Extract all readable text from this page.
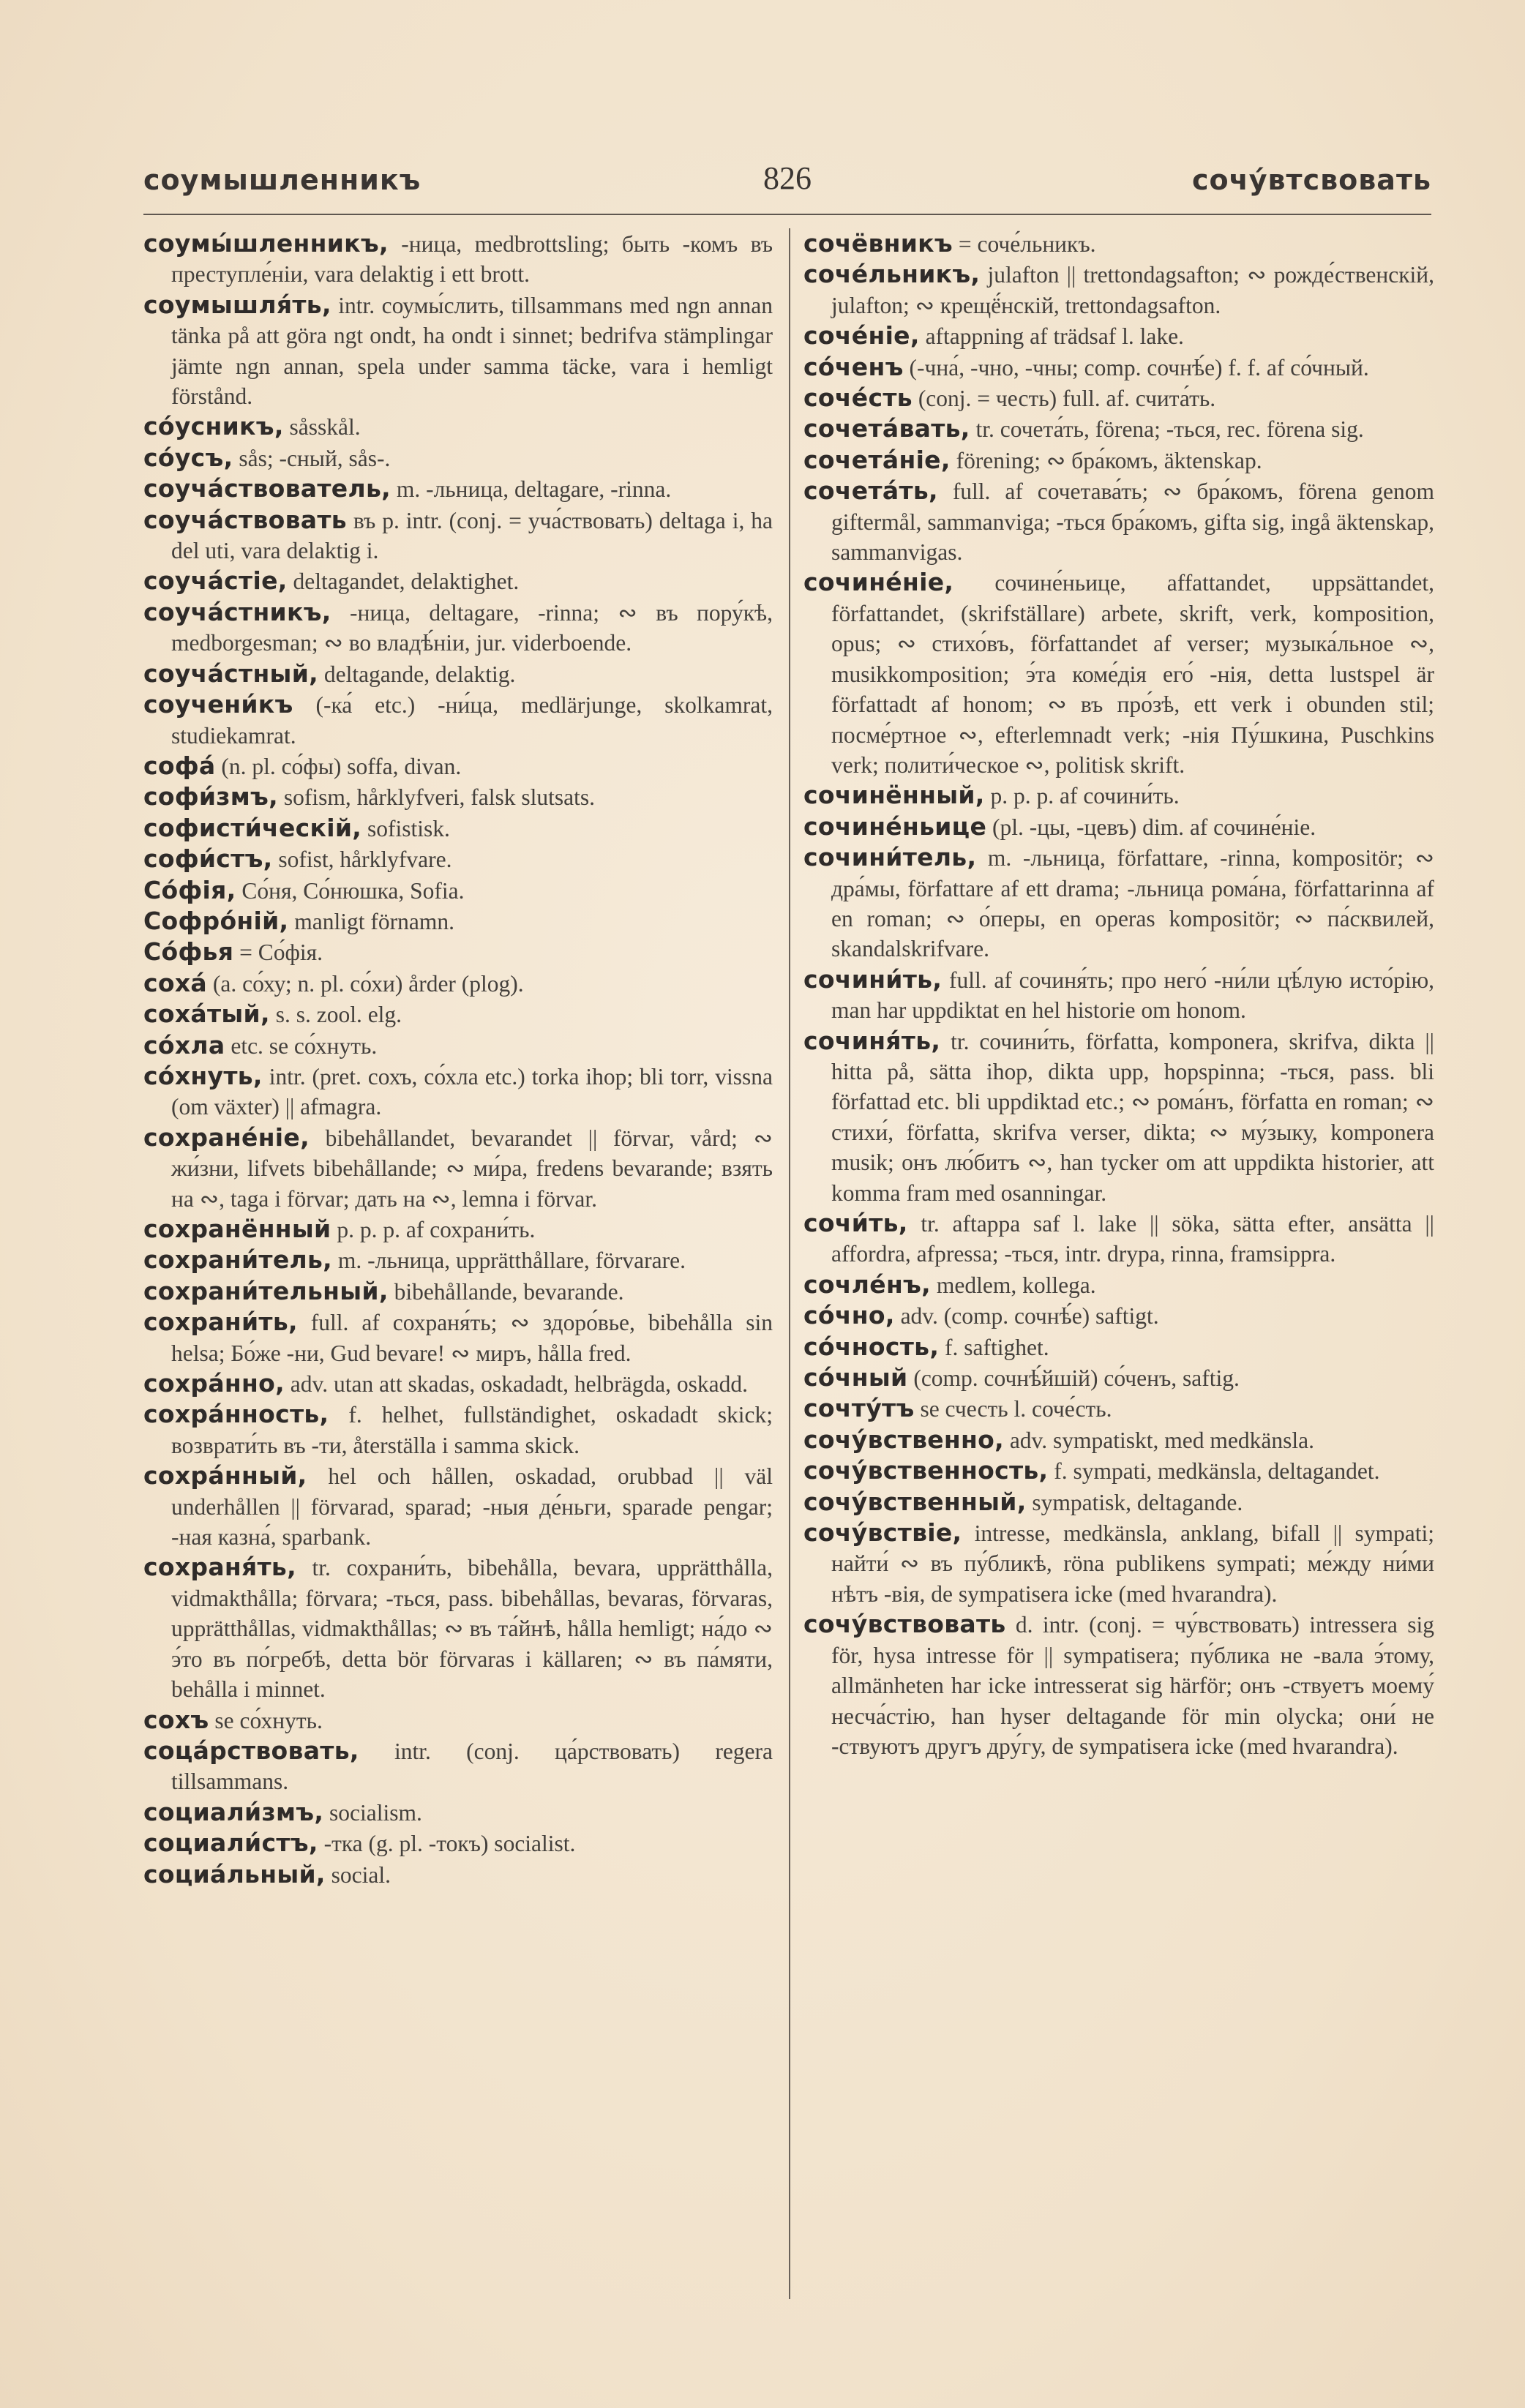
соумышленникъ	826	сочу́втсвовать

соумы́шленникъ, -ница, medbrottsling; быть -комъ въ преступле́нiи, vara delaktig i ett brott.

соумышля́ть, intr. соумы́слить, tillsammans med ngn annan tänka på att göra ngt ondt, ha ondt i sinnet; bedrifva stämplingar jämte ngn annan, spela under samma täcke, vara i hemligt förstånd.

со́усникъ, såsskål.

со́усъ, sås; -сный, sås-.

соуча́ствователь, m. -льница, deltagare, -rinna.

соуча́ствовать въ p. intr. (conj. = уча́ствовать) deltaga i, ha del uti, vara delaktig i.

соуча́стiе, deltagandet, delaktighet.

соуча́стникъ, -ница, deltagare, -rinna; ∾ въ пору́кѣ, medborgesman; ∾ во владѣ́нiи, jur. viderboende.

соуча́стный, deltagande, delaktig.

соучени́къ (-ка́ etc.) -ни́ца, medlärjunge, skolkamrat, studiekamrat.

софа́ (n. pl. со́фы) soffa, divan.

софи́змъ, sofism, hårklyfveri, falsk slutsats.

софисти́ческiй, sofistisk.

софи́стъ, sofist, hårklyfvare.

Со́фiя, Со́ня, Со́нюшка, Sofia.

Софро́нiй, manligt förnamn.

Со́фья = Со́фiя.

соха́ (a. со́ху; n. pl. со́хи) årder (plog).

соха́тый, s. s. zool. elg.

со́хла etc. se со́хнуть.

со́хнуть, intr. (pret. сохъ, со́хла etc.) torka ihop; bli torr, vissna (om växter) || afmagra.

сохране́нiе, bibehållandet, bevarandet || förvar, vård; ∾ жи́зни, lifvets bibehållande; ∾ ми́ра, fredens bevarande; взять на ∾, taga i förvar; дать на ∾, lemna i förvar.

сохранённый p. p. p. af сохрани́ть.

сохрани́тель, m. -льница, upprätthållare, förvarare.

сохрани́тельный, bibehållande, bevarande.

сохрани́ть, full. af сохраня́ть; ∾ здоро́вье, bibehålla sin helsa; Бо́же -ни, Gud bevare! ∾ миръ, hålla fred.

сохра́нно, adv. utan att skadas, oskadadt, helbrägda, oskadd.

сохра́нность, f. helhet, fullständighet, oskadadt skick; возврати́ть въ -ти, återställa i samma skick.

сохра́нный, hel och hållen, oskadad, orubbad || väl underhållen || förvarad, sparad; -ныя де́ньги, sparade pengar; -ная казна́, sparbank.

сохраня́ть, tr. сохрани́ть, bibehålla, bevara, upprätthålla, vidmakthålla; förvara; -ться, pass. bibehållas, bevaras, förvaras, upprätthållas, vidmakthållas; ∾ въ та́йнѣ, hålla hemligt; на́до ∾ э́то въ по́гребѣ, detta bör förvaras i källaren; ∾ въ па́мяти, behålla i minnet.

сохъ se со́хнуть.

соца́рствовать, intr. (conj. ца́рствовать) regera tillsammans.

социали́змъ, socialism.

социали́стъ, -тка (g. pl. -токъ) socialist.

социа́льный, social.

сочёвникъ = соче́льникъ.

соче́льникъ, julafton || trettondagsafton; ∾ рожде́ственскiй, julafton; ∾ крещё́нскiй, trettondagsafton.

соче́нiе, aftappning af trädsaf l. lake.

со́ченъ (-чна́, -чно, -чны; comp. сочнѣ́е) f. f. af со́чный.

соче́сть (conj. = честь) full. af. счита́ть.

сочета́вать, tr. сочета́ть, förena; -ться, rec. förena sig.

сочета́нiе, förening; ∾ бра́комъ, äktenskap.

сочета́ть, full. af сочетава́ть; ∾ бра́комъ, förena genom giftermål, sammanviga; -ться бра́комъ, gifta sig, ingå äktenskap, sammanvigas.

сочине́нiе, сочине́ньице, affattandet, uppsättandet, författandet, (skrifställare) arbete, skrift, verk, komposition, opus; ∾ стихо́въ, författandet af verser; музыка́льное ∾, musikkomposition; э́та коме́дiя его́ -нiя, detta lustspel är författadt af honom; ∾ въ про́зѣ, ett verk i obunden stil; посме́ртное ∾, efterlemnadt verk; -нiя Пу́шкина, Puschkins verk; полити́ческое ∾, politisk skrift.

сочинённый, p. p. p. af сочини́ть.

сочине́ньице (pl. -цы, -цевъ) dim. af сочине́нiе.

сочини́тель, m. -льница, författare, -rinna, kompositör; ∾ дра́мы, författare af ett drama; -льница рома́на, författarinna af en roman; ∾ о́перы, en operas kompositör; ∾ па́сквилей, skandalskrifvare.

сочини́ть, full. af сочиня́ть; про него́ -ни́ли цѣ́лую исто́рiю, man har uppdiktat en hel historie om honom.

сочиня́ть, tr. сочини́ть, författa, komponera, skrifva, dikta || hitta på, sätta ihop, dikta upp, hopspinna; -ться, pass. bli författad etc. bli uppdiktad etc.; ∾ рома́нъ, författa en roman; ∾ стихи́, författa, skrifva verser, dikta; ∾ му́зыку, komponera musik; онъ лю́битъ ∾, han tycker om att uppdikta historier, att komma fram med osanningar.

сочи́ть, tr. aftappa saf l. lake || söka, sätta efter, ansätta || affordra, afpressa; -ться, intr. drypa, rinna, framsippra.

сочле́нъ, medlem, kollega.

со́чно, adv. (comp. сочнѣ́е) saftigt.

со́чность, f. saftighet.

со́чный (comp. сочнѣ́йшiй) со́ченъ, saftig.

сочту́тъ se счесть l. соче́сть.

сочу́вственно, adv. sympatiskt, med medkänsla.

сочу́вственность, f. sympati, medkänsla, deltagandet.

сочу́вственный, sympatisk, deltagande.

сочу́вствiе, intresse, medkänsla, anklang, bifall || sympati; найти́ ∾ въ пу́бликѣ, röna publikens sympati; ме́жду ни́ми нѣтъ -вiя, de sympatisera icke (med hvarandra).

сочу́вствовать d. intr. (conj. = чу́вствовать) intressera sig för, hysa intresse för || sympatisera; пу́блика не -вала э́тому, allmänheten har icke intresserat sig härför; онъ -ствуетъ моему́ несча́стiю, han hyser deltagande för min olycka; они́ не -ствуютъ другъ дру́гу, de sympatisera icke (med hvarandra).
